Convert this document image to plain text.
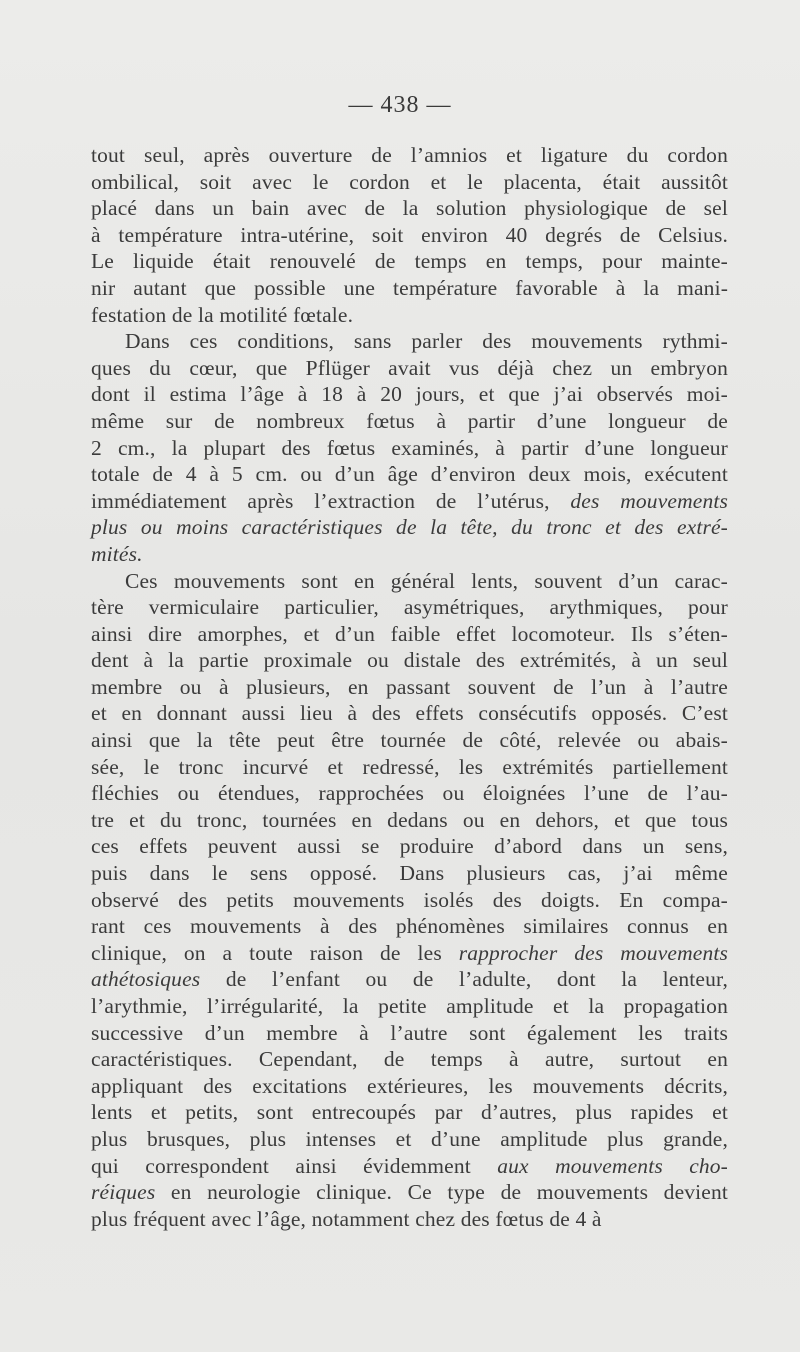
— 438 —
tout seul, après ouverture de l’amnios et ligature du cordon
ombilical, soit avec le cordon et le placenta, était aussitôt
placé dans un bain avec de la solution physiologique de sel
à température intra-utérine, soit environ 40 degrés de Celsius.
Le liquide était renouvelé de temps en temps, pour mainte-
nir autant que possible une température favorable à la mani-
festation de la motilité fœtale.
Dans ces conditions, sans parler des mouvements rythmi-
ques du cœur, que Pflüger avait vus déjà chez un embryon
dont il estima l’âge à 18 à 20 jours, et que j’ai observés moi-
même sur de nombreux fœtus à partir d’une longueur de
2 cm., la plupart des fœtus examinés, à partir d’une longueur
totale de 4 à 5 cm. ou d’un âge d’environ deux mois, exécutent
immédiatement après l’extraction de l’utérus, des mouvements
plus ou moins caractéristiques de la tête, du tronc et des extré-
mités.
Ces mouvements sont en général lents, souvent d’un carac-
tère vermiculaire particulier, asymétriques, arythmiques, pour
ainsi dire amorphes, et d’un faible effet locomoteur. Ils s’éten-
dent à la partie proximale ou distale des extrémités, à un seul
membre ou à plusieurs, en passant souvent de l’un à l’autre
et en donnant aussi lieu à des effets consécutifs opposés. C’est
ainsi que la tête peut être tournée de côté, relevée ou abais-
sée, le tronc incurvé et redressé, les extrémités partiellement
fléchies ou étendues, rapprochées ou éloignées l’une de l’au-
tre et du tronc, tournées en dedans ou en dehors, et que tous
ces effets peuvent aussi se produire d’abord dans un sens,
puis dans le sens opposé. Dans plusieurs cas, j’ai même
observé des petits mouvements isolés des doigts. En compa-
rant ces mouvements à des phénomènes similaires connus en
clinique, on a toute raison de les rapprocher des mouvements
athétosiques de l’enfant ou de l’adulte, dont la lenteur,
l’arythmie, l’irrégularité, la petite amplitude et la propagation
successive d’un membre à l’autre sont également les traits
caractéristiques. Cependant, de temps à autre, surtout en
appliquant des excitations extérieures, les mouvements décrits,
lents et petits, sont entrecoupés par d’autres, plus rapides et
plus brusques, plus intenses et d’une amplitude plus grande,
qui correspondent ainsi évidemment aux mouvements cho-
réiques en neurologie clinique. Ce type de mouvements devient
plus fréquent avec l’âge, notamment chez des fœtus de 4 à
